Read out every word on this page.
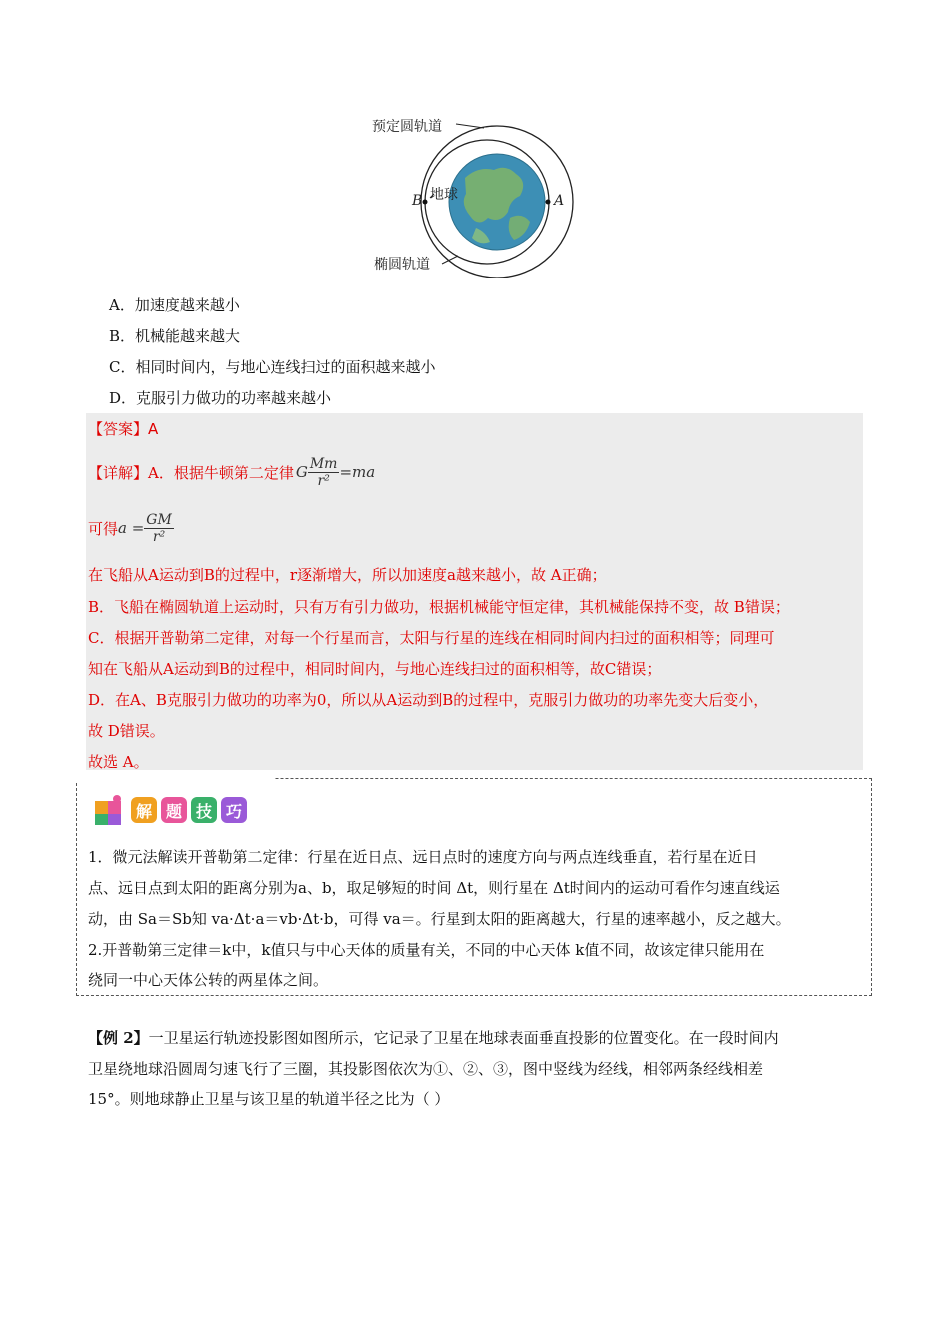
预定圆轨道
地球
椭圆轨道
B	A
A．加速度越来越小
B．机械能越来越大
C．相同时间内，与地心连线扫过的面积越来越小
D．克服引力做功的功率越来越小
【答案】A
【详解】 A．根据牛顿第二定律 G $\frac{Mm}{\text{r²}} =ma$
可得 $a = \frac{GM}{\text{r²}}$
在飞船从A运动到B的过程中，r逐渐增大，所以加速度a越来越小，故 A正确；
B．飞船在椭圆轨道上运动时，只有万有引力做功，根据机械能守恒定律，其机械能保持不变，故 B错误；
C．根据开普勒第二定律，对每一个行星而言，太阳与行星的连线在相同时间内扫过的面积相等；同理可
知在飞船从A运动到B的过程中，相同时间内，与地心连线扫过的面积相等，故C错误；
D．在A、B克服引力做功的功率为0，所以从A运动到B的过程中，克服引力做功的功率先变大后变小，
故 D错误。
故选 A。
解 题 技 巧
1．微元法解读开普勒第二定律：行星在近日点、远日点时的速度方向与两点连线垂直，若行星在近日
点、远日点到太阳的距离分别为a、b，取足够短的时间 Δt，则行星在 Δt时间内的运动可看作匀速直线运
动，由 Sa＝Sb知 va·Δt·a＝vb·Δt·b，可得 va＝。行星到太阳的距离越大，行星的速率越小，反之越大。
2.开普勒第三定律＝k中，k值只与中心天体的质量有关，不同的中心天体 k值不同，故该定律只能用在
绕同一中心天体公转的两星体之间。
【例 2】一卫星运行轨迹投影图如图所示，它记录了卫星在地球表面垂直投影的位置变化。在一段时间内
卫星绕地球沿圆周匀速飞行了三圈，其投影图依次为①、②、③，图中竖线为经线，相邻两条经线相差
15°。则地球静止卫星与该卫星的轨道半径之比为（ ）
